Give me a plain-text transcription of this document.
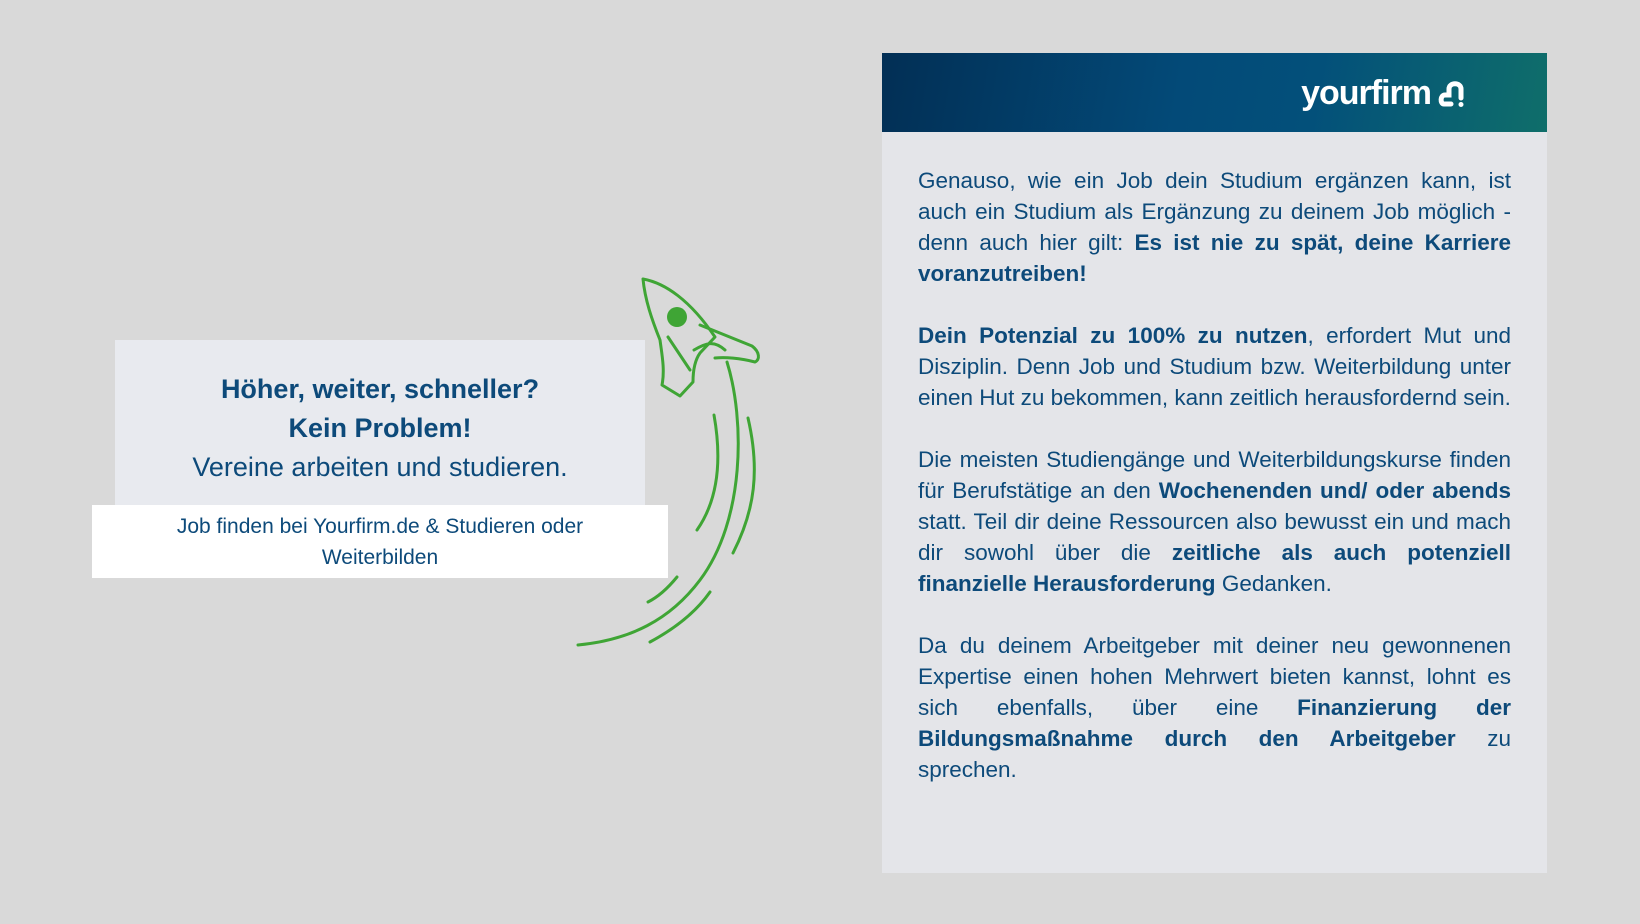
Höher, weiter, schneller?
Kein Problem!
Vereine arbeiten und studieren.
Job finden bei Yourfirm.de & Studieren oder Weiterbilden
yourfirm

Genauso, wie ein Job dein Studium ergänzen kann, ist auch ein Studium als Ergänzung zu deinem Job möglich - denn auch hier gilt: Es ist nie zu spät, deine Karriere voranzutreiben!

Dein Potenzial zu 100% zu nutzen, erfordert Mut und Disziplin. Denn Job und Studium bzw. Weiterbildung unter einen Hut zu bekommen, kann zeitlich herausfordernd sein.

Die meisten Studiengänge und Weiterbildungskurse finden für Berufstätige an den Wochenenden und/ oder abends statt. Teil dir deine Ressourcen also bewusst ein und mach dir sowohl über die zeitliche als auch potenziell finanzielle Herausforderung Gedanken.

Da du deinem Arbeitgeber mit deiner neu gewonnenen Expertise einen hohen Mehrwert bieten kannst, lohnt es sich ebenfalls, über eine Finanzierung der Bildungsmaßnahme durch den Arbeitgeber zu sprechen.
